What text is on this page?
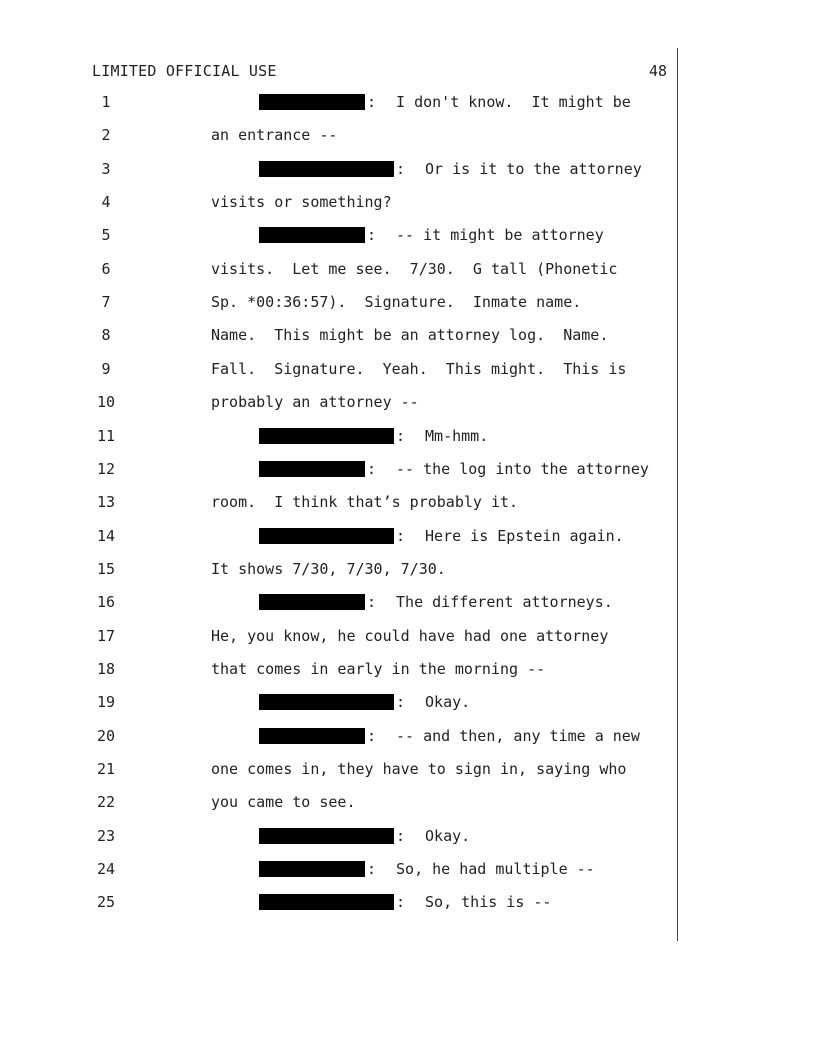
LIMITED OFFICIAL USE	48
1	: I don't know.  It might be
2	an entrance --
3	: Or is it to the attorney
4	visits or something?
5	: -- it might be attorney
6	visits.  Let me see.  7/30.  G tall (Phonetic
7	Sp. *00:36:57).  Signature.  Inmate name.
8	Name.  This might be an attorney log.  Name.
9	Fall.  Signature.  Yeah.  This might.  This is
10	probably an attorney --
11	: Mm-hmm.
12	: -- the log into the attorney
13	room.  I think that’s probably it.
14	: Here is Epstein again.
15	It shows 7/30, 7/30, 7/30.
16	: The different attorneys.
17	He, you know, he could have had one attorney
18	that comes in early in the morning --
19	: Okay.
20	: -- and then, any time a new
21	one comes in, they have to sign in, saying who
22	you came to see.
23	: Okay.
24	: So, he had multiple --
25	: So, this is --
